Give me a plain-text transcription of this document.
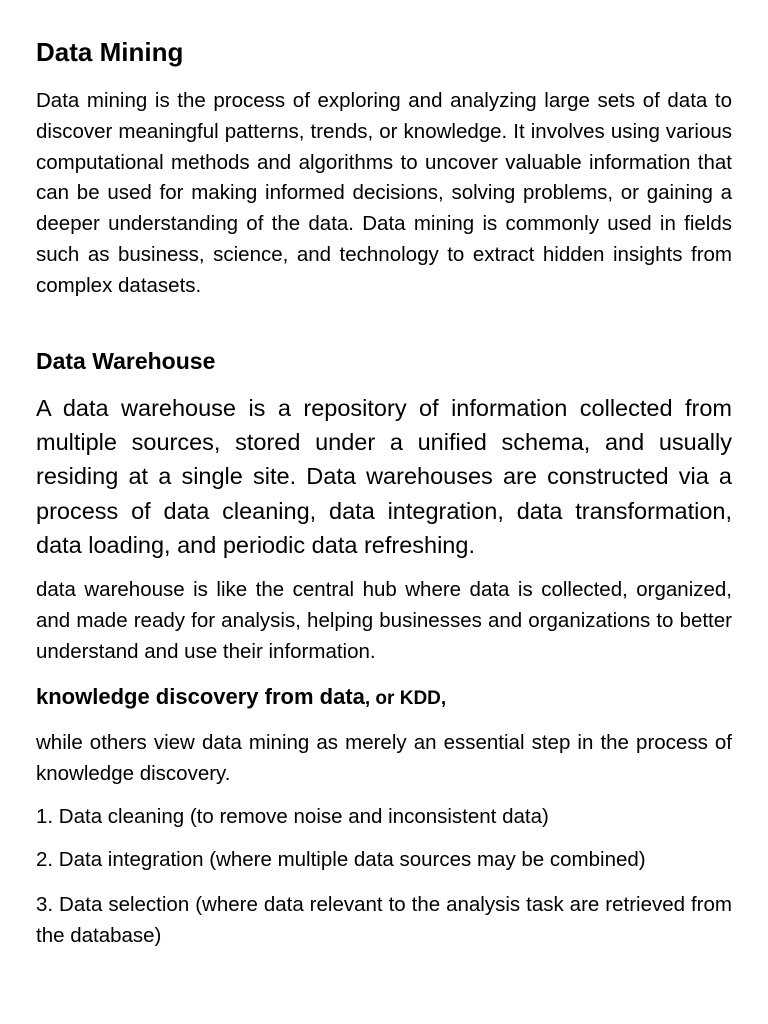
Data Mining

Data mining is the process of exploring and analyzing large sets of data to discover meaningful patterns, trends, or knowledge. It involves using various computational methods and algorithms to uncover valuable information that can be used for making informed decisions, solving problems, or gaining a deeper understanding of the data. Data mining is commonly used in fields such as business, science, and technology to extract hidden insights from complex datasets.

Data Warehouse

A data warehouse is a repository of information collected from multiple sources, stored under a unified schema, and usually residing at a single site. Data warehouses are constructed via a process of data cleaning, data integration, data transformation, data loading, and periodic data refreshing.

data warehouse is like the central hub where data is collected, organized, and made ready for analysis, helping businesses and organizations to better understand and use their information.

knowledge discovery from data, or KDD,

while others view data mining as merely an essential step in the process of knowledge discovery.

1. Data cleaning (to remove noise and inconsistent data)

2. Data integration (where multiple data sources may be combined)

3. Data selection (where data relevant to the analysis task are retrieved from the database)
